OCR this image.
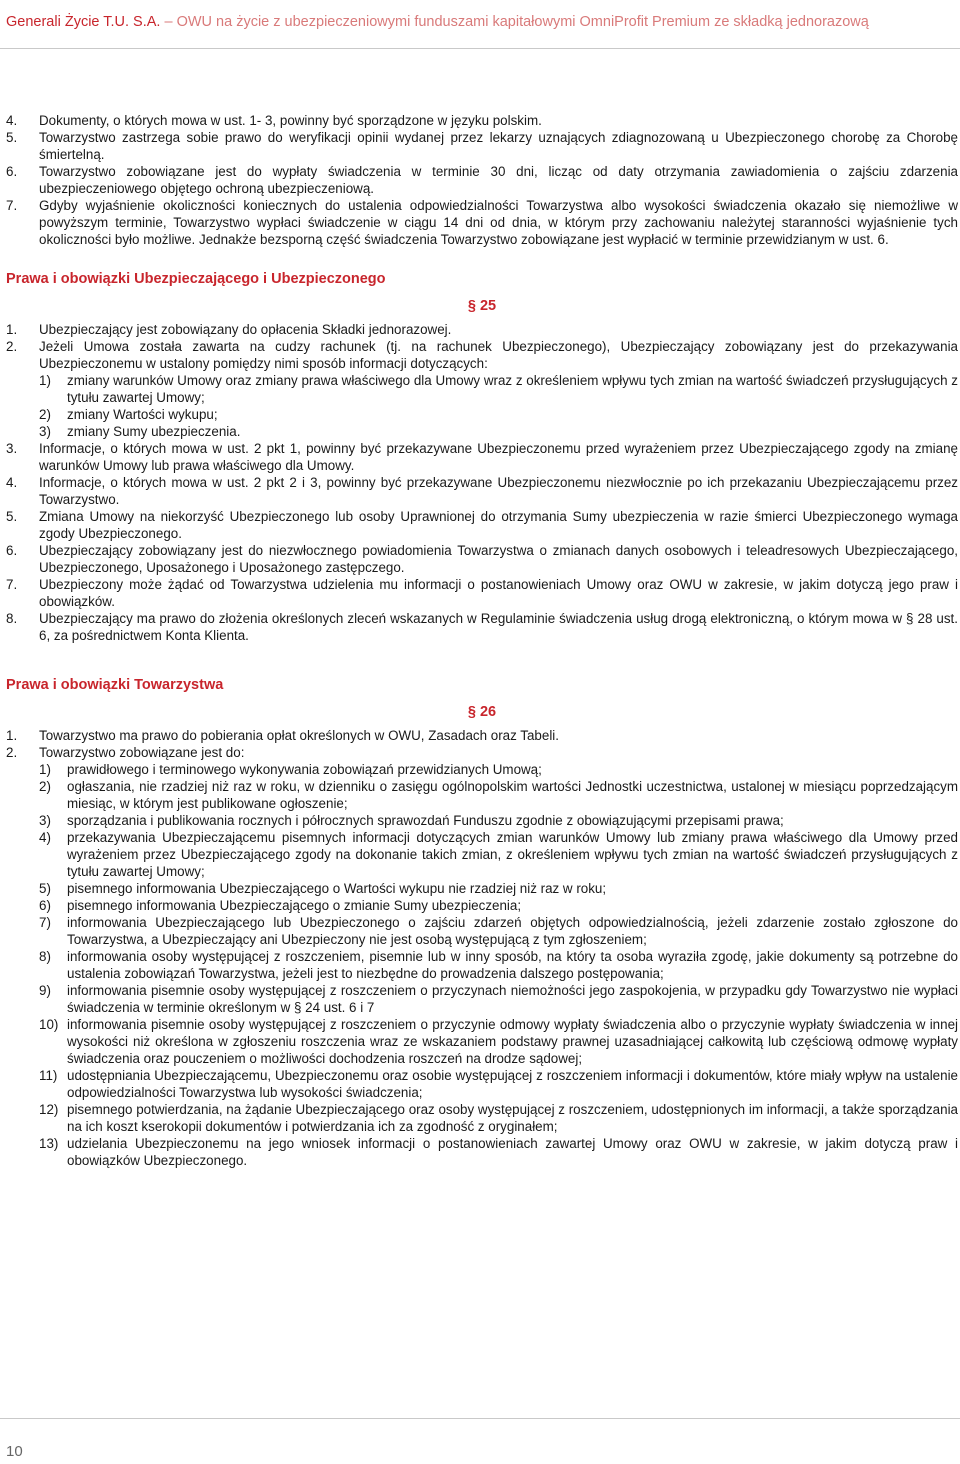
Generali Życie T.U. S.A. – OWU na życie z ubezpieczeniowymi funduszami kapitałowymi OmniProfit Premium ze składką jednorazową
4.	Dokumenty, o których mowa w ust. 1- 3, powinny być sporządzone w języku polskim.
5.	Towarzystwo zastrzega sobie prawo do weryfikacji opinii wydanej przez lekarzy uznających zdiagnozowaną u Ubezpieczonego chorobę za Chorobę śmiertelną.
6.	Towarzystwo zobowiązane jest do wypłaty świadczenia w terminie 30 dni, licząc od daty otrzymania zawiadomienia o zajściu zdarzenia ubezpieczeniowego objętego ochroną ubezpieczeniową.
7.	Gdyby wyjaśnienie okoliczności koniecznych do ustalenia odpowiedzialności Towarzystwa albo wysokości świadczenia okazało się niemożliwe w powyższym terminie, Towarzystwo wypłaci świadczenie w ciągu 14 dni od dnia, w którym przy zachowaniu należytej staranności wyjaśnienie tych okoliczności było możliwe. Jednakże bezsporną część świadczenia Towarzystwo zobowiązane jest wypłacić w terminie przewidzianym w ust. 6.
Prawa i obowiązki Ubezpieczającego i Ubezpieczonego
§ 25
1.	Ubezpieczający jest zobowiązany do opłacenia Składki jednorazowej.
2.	Jeżeli Umowa została zawarta na cudzy rachunek (tj. na rachunek Ubezpieczonego), Ubezpieczający zobowiązany jest do przekazywania Ubezpieczonemu w ustalony pomiędzy nimi sposób informacji dotyczących:
1)	zmiany warunków Umowy oraz zmiany prawa właściwego dla Umowy wraz z określeniem wpływu tych zmian na wartość świadczeń przysługujących z tytułu zawartej Umowy;
2)	zmiany Wartości wykupu;
3)	zmiany Sumy ubezpieczenia.
3.	Informacje, o których mowa w ust. 2 pkt 1, powinny być przekazywane Ubezpieczonemu przed wyrażeniem przez Ubezpieczającego zgody na zmianę warunków Umowy lub prawa właściwego dla Umowy.
4.	Informacje, o których mowa w ust. 2 pkt 2 i 3, powinny być przekazywane Ubezpieczonemu niezwłocznie po ich przekazaniu Ubezpieczającemu przez Towarzystwo.
5.	Zmiana Umowy na niekorzyść Ubezpieczonego lub osoby Uprawnionej do otrzymania Sumy ubezpieczenia w razie śmierci Ubezpieczonego wymaga zgody Ubezpieczonego.
6.	Ubezpieczający zobowiązany jest do niezwłocznego powiadomienia Towarzystwa o zmianach danych osobowych i teleadresowych Ubezpieczającego, Ubezpieczonego, Uposażonego i Uposażonego zastępczego.
7.	Ubezpieczony może żądać od Towarzystwa udzielenia mu informacji o postanowieniach Umowy oraz OWU w zakresie, w jakim dotyczą jego praw i obowiązków.
8.	Ubezpieczający ma prawo do złożenia określonych zleceń wskazanych w Regulaminie świadczenia usług drogą elektroniczną, o którym mowa w § 28 ust. 6, za pośrednictwem Konta Klienta.
Prawa i obowiązki Towarzystwa
§ 26
1.	Towarzystwo ma prawo do pobierania opłat określonych w OWU, Zasadach oraz Tabeli.
2.	Towarzystwo zobowiązane jest do:
1)	prawidłowego i terminowego wykonywania zobowiązań przewidzianych Umową;
2)	ogłaszania, nie rzadziej niż raz w roku, w dzienniku o zasięgu ogólnopolskim wartości Jednostki uczestnictwa, ustalonej w miesiącu poprzedzającym miesiąc, w którym jest publikowane ogłoszenie;
3)	sporządzania i publikowania rocznych i półrocznych sprawozdań Funduszu zgodnie z obowiązującymi przepisami prawa;
4)	przekazywania Ubezpieczającemu pisemnych informacji dotyczących zmian warunków Umowy lub zmiany prawa właściwego dla Umowy przed wyrażeniem przez Ubezpieczającego zgody na dokonanie takich zmian, z określeniem wpływu tych zmian na wartość świadczeń przysługujących z tytułu zawartej Umowy;
5)	pisemnego informowania Ubezpieczającego o Wartości wykupu nie rzadziej niż raz w roku;
6)	pisemnego informowania Ubezpieczającego o zmianie Sumy ubezpieczenia;
7)	informowania Ubezpieczającego lub Ubezpieczonego o zajściu zdarzeń objętych odpowiedzialnością, jeżeli zdarzenie zostało zgłoszone do Towarzystwa, a Ubezpieczający ani Ubezpieczony nie jest osobą występującą z tym zgłoszeniem;
8)	informowania osoby występującej z roszczeniem, pisemnie lub w inny sposób, na który ta osoba wyraziła zgodę, jakie dokumenty są potrzebne do ustalenia zobowiązań Towarzystwa, jeżeli jest to niezbędne do prowadzenia dalszego postępowania;
9)	informowania pisemnie osoby występującej z roszczeniem o przyczynach niemożności jego zaspokojenia, w przypadku gdy Towarzystwo nie wypłaci świadczenia w terminie określonym w § 24 ust. 6 i 7
10) informowania pisemnie osoby występującej z roszczeniem o przyczynie odmowy wypłaty świadczenia albo o przyczynie wypłaty świadczenia w innej wysokości niż określona w zgłoszeniu roszczenia wraz ze wskazaniem podstawy prawnej uzasadniającej całkowitą lub częściową odmowę wypłaty świadczenia oraz pouczeniem o możliwości dochodzenia roszczeń na drodze sądowej;
11) udostępniania Ubezpieczającemu, Ubezpieczonemu oraz osobie występującej z roszczeniem informacji i dokumentów, które miały wpływ na ustalenie odpowiedzialności Towarzystwa lub wysokości świadczenia;
12) pisemnego potwierdzania, na żądanie Ubezpieczającego oraz osoby występującej z roszczeniem, udostępnionych im informacji, a także sporządzania na ich koszt kserokopii dokumentów i potwierdzania ich za zgodność z oryginałem;
13) udzielania Ubezpieczonemu na jego wniosek informacji o postanowieniach zawartej Umowy oraz OWU w zakresie, w jakim dotyczą praw i obowiązków Ubezpieczonego.
10
